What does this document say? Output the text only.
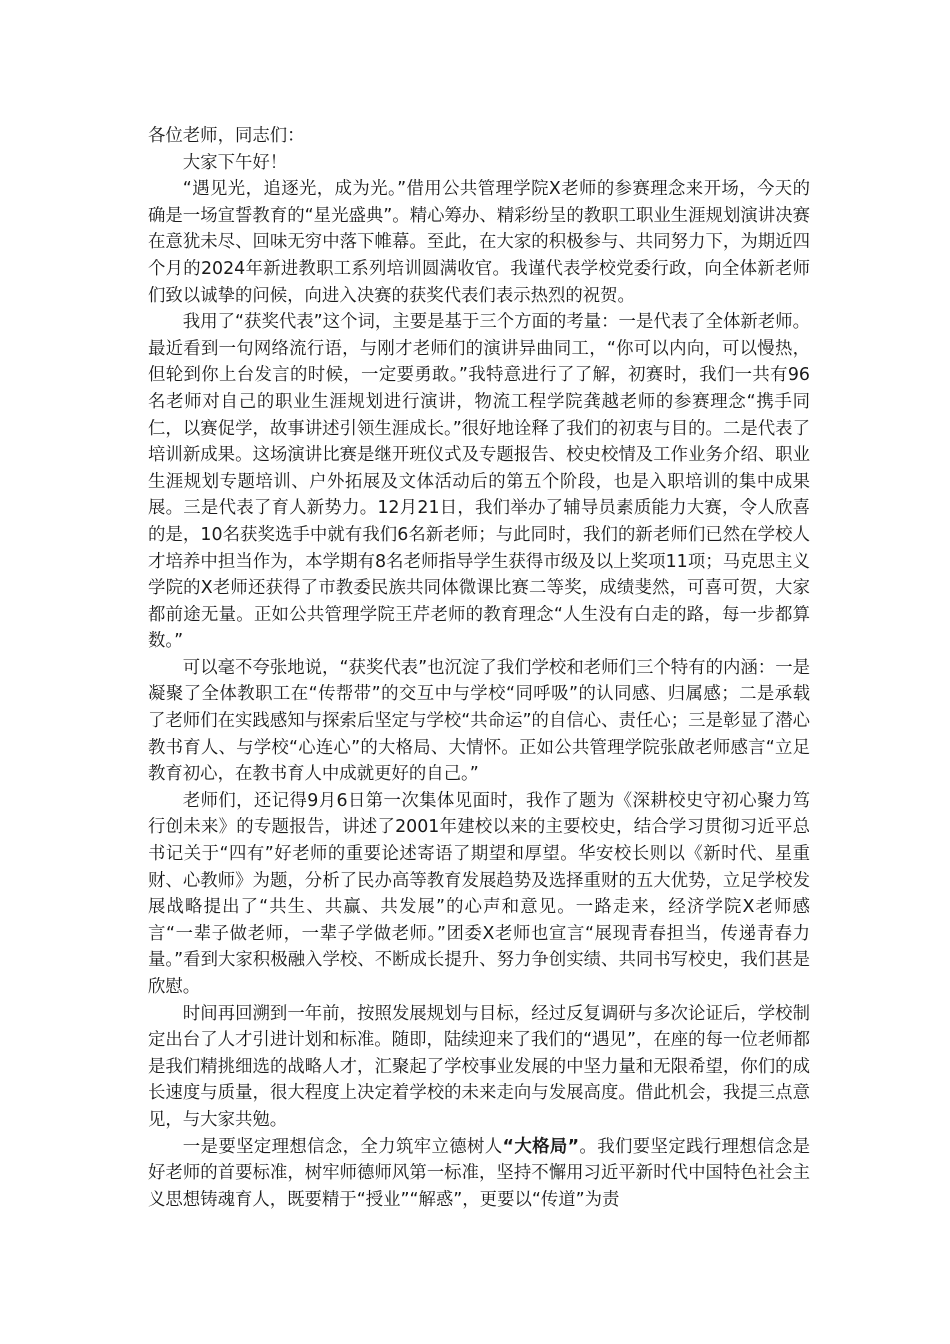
各位老师，同志们：

大家下午好！

“遇见光，追逐光，成为光。”借用公共管理学院X老师的参赛理念来开场，今天的确是一场宣誓教育的“星光盛典”。精心筹办、精彩纷呈的教职工职业生涯规划演讲决赛在意犹未尽、回味无穷中落下帷幕。至此，在大家的积极参与、共同努力下，为期近四个月的2024年新进教职工系列培训圆满收官。我谨代表学校党委行政，向全体新老师们致以诚挚的问候，向进入决赛的获奖代表们表示热烈的祝贺。

我用了“获奖代表”这个词，主要是基于三个方面的考量：一是代表了全体新老师。最近看到一句网络流行语，与刚才老师们的演讲异曲同工，“你可以内向，可以慢热，但轮到你上台发言的时候，一定要勇敢。”我特意进行了了解，初赛时，我们一共有96名老师对自己的职业生涯规划进行演讲，物流工程学院龚越老师的参赛理念“携手同仁，以赛促学，故事讲述引领生涯成长。”很好地诠释了我们的初衷与目的。二是代表了培训新成果。这场演讲比赛是继开班仪式及专题报告、校史校情及工作业务介绍、职业生涯规划专题培训、户外拓展及文体活动后的第五个阶段，也是入职培训的集中成果展。三是代表了育人新势力。12月21日，我们举办了辅导员素质能力大赛，令人欣喜的是，10名获奖选手中就有我们6名新老师；与此同时，我们的新老师们已然在学校人才培养中担当作为，本学期有8名老师指导学生获得市级及以上奖项11项；马克思主义学院的X老师还获得了市教委民族共同体微课比赛二等奖，成绩斐然，可喜可贺，大家都前途无量。正如公共管理学院王芹老师的教育理念“人生没有白走的路，每一步都算数。”

可以毫不夸张地说，“获奖代表”也沉淀了我们学校和老师们三个特有的内涵：一是凝聚了全体教职工在“传帮带”的交互中与学校“同呼吸”的认同感、归属感；二是承载了老师们在实践感知与探索后坚定与学校“共命运”的自信心、责任心；三是彰显了潜心教书育人、与学校“心连心”的大格局、大情怀。正如公共管理学院张啟老师感言“立足教育初心，在教书育人中成就更好的自己。”

老师们，还记得9月6日第一次集体见面时，我作了题为《深耕校史守初心聚力笃行创未来》的专题报告，讲述了2001年建校以来的主要校史，结合学习贯彻习近平总书记关于“四有”好老师的重要论述寄语了期望和厚望。华安校长则以《新时代、星重财、心教师》为题，分析了民办高等教育发展趋势及选择重财的五大优势，立足学校发展战略提出了“共生、共赢、共发展”的心声和意见。一路走来，经济学院X老师感言“一辈子做老师，一辈子学做老师。”团委X老师也宣言“展现青春担当，传递青春力量。”看到大家积极融入学校、不断成长提升、努力争创实绩、共同书写校史，我们甚是欣慰。

时间再回溯到一年前，按照发展规划与目标，经过反复调研与多次论证后，学校制定出台了人才引进计划和标准。随即，陆续迎来了我们的“遇见”，在座的每一位老师都是我们精挑细选的战略人才，汇聚起了学校事业发展的中坚力量和无限希望，你们的成长速度与质量，很大程度上决定着学校的未来走向与发展高度。借此机会，我提三点意见，与大家共勉。

一是要坚定理想信念，全力筑牢立德树人“大格局”。我们要坚定践行理想信念是好老师的首要标准，树牢师德师风第一标准，坚持不懈用习近平新时代中国特色社会主义思想铸魂育人，既要精于“授业”“解惑”，更要以“传道”为责
